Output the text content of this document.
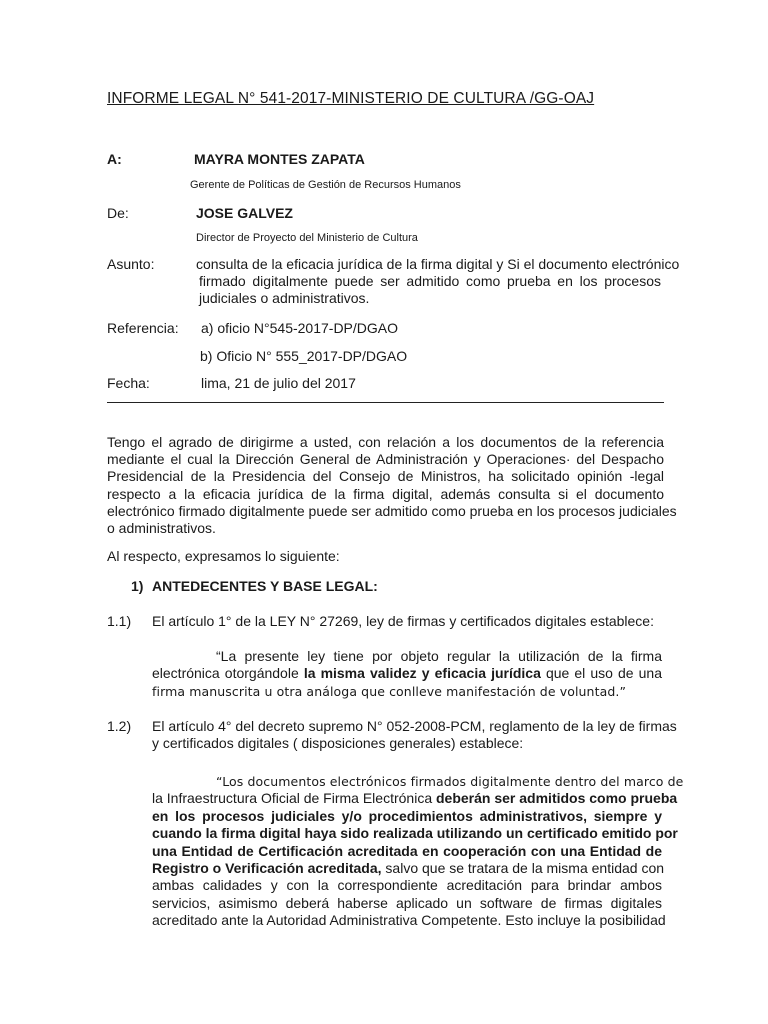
INFORME LEGAL N° 541-2017-MINISTERIO DE CULTURA /GG-OAJ
A:	MAYRA MONTES ZAPATA
Gerente de Políticas de Gestión de Recursos Humanos
De:	JOSE GALVEZ
Director de Proyecto del Ministerio de Cultura
Asunto:	consulta de la eficacia jurídica de la firma digital y Si el documento electrónico
firmado digitalmente puede ser admitido como prueba en los procesos
judiciales o administrativos.
Referencia: a) oficio N°545-2017-DP/DGAO
b) Oficio N° 555_2017-DP/DGAO
Fecha:	lima, 21 de julio del 2017
Tengo el agrado de dirigirme a usted, con relación a los documentos de la referencia
mediante el cual la Dirección General de Administración y Operaciones· del Despacho
Presidencial de la Presidencia del Consejo de Ministros, ha solicitado opinión -legal
respecto a la eficacia jurídica de la firma digital, además consulta si el documento
electrónico firmado digitalmente puede ser admitido como prueba en los procesos judiciales
o administrativos.
Al respecto, expresamos lo siguiente:
1) ANTEDECENTES Y BASE LEGAL:
1.1) El artículo 1° de la LEY N° 27269, ley de firmas y certificados digitales establece:
“La presente ley tiene por objeto regular la utilización de la firma
electrónica otorgándole la misma validez y eficacia jurídica que el uso de una
firma manuscrita u otra análoga que conlleve manifestación de voluntad.”
1.2) El artículo 4° del decreto supremo N° 052-2008-PCM, reglamento de la ley de firmas
y certificados digitales ( disposiciones generales) establece:
“Los documentos electrónicos firmados digitalmente dentro del marco de
la Infraestructura Oficial de Firma Electrónica deberán ser admitidos como prueba
en los procesos judiciales y/o procedimientos administrativos, siempre y
cuando la firma digital haya sido realizada utilizando un certificado emitido por
una Entidad de Certificación acreditada en cooperación con una Entidad de
Registro o Verificación acreditada, salvo que se tratara de la misma entidad con
ambas calidades y con la correspondiente acreditación para brindar ambos
servicios, asimismo deberá haberse aplicado un software de firmas digitales
acreditado ante la Autoridad Administrativa Competente. Esto incluye la posibilidad
